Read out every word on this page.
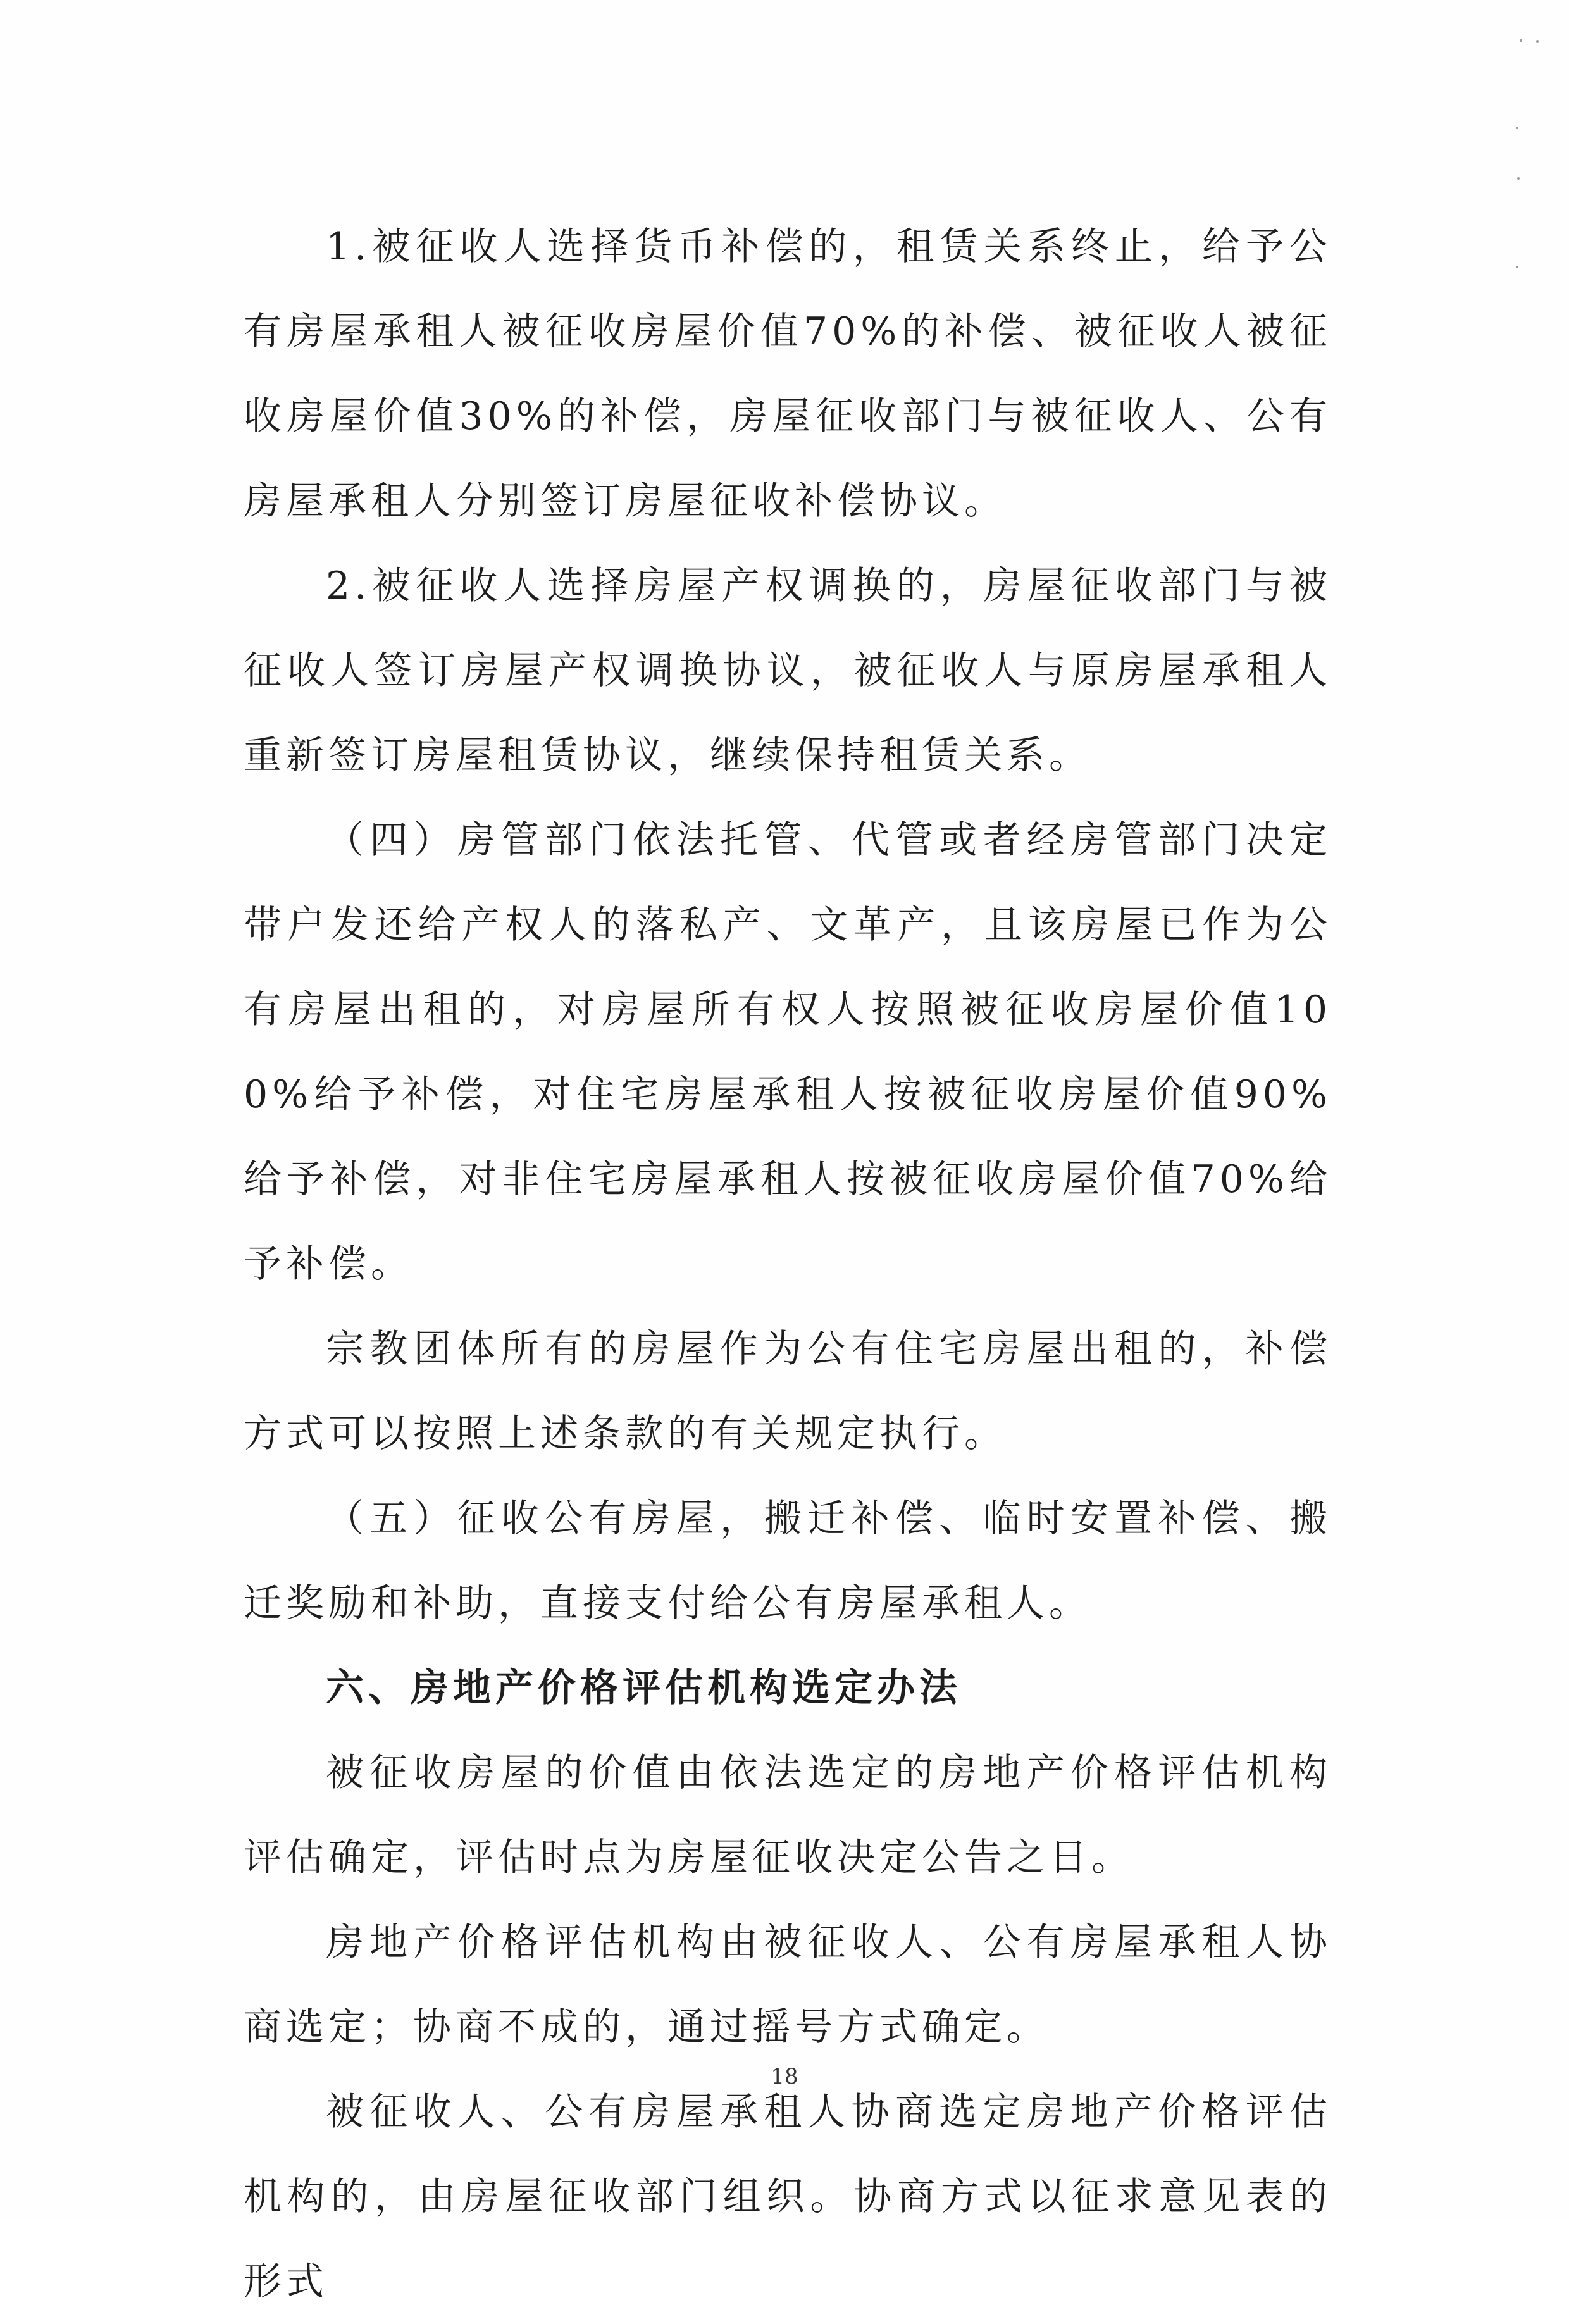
1.被征收人选择货币补偿的，租赁关系终止，给予公有房屋承租人被征收房屋价值70%的补偿、被征收人被征收房屋价值30%的补偿，房屋征收部门与被征收人、公有房屋承租人分别签订房屋征收补偿协议。

2.被征收人选择房屋产权调换的，房屋征收部门与被征收人签订房屋产权调换协议，被征收人与原房屋承租人重新签订房屋租赁协议，继续保持租赁关系。

（四）房管部门依法托管、代管或者经房管部门决定带户发还给产权人的落私产、文革产，且该房屋已作为公有房屋出租的，对房屋所有权人按照被征收房屋价值100%给予补偿，对住宅房屋承租人按被征收房屋价值90%给予补偿，对非住宅房屋承租人按被征收房屋价值70%给予补偿。

宗教团体所有的房屋作为公有住宅房屋出租的，补偿方式可以按照上述条款的有关规定执行。

（五）征收公有房屋，搬迁补偿、临时安置补偿、搬迁奖励和补助，直接支付给公有房屋承租人。

六、房地产价格评估机构选定办法

被征收房屋的价值由依法选定的房地产价格评估机构评估确定，评估时点为房屋征收决定公告之日。

房地产价格评估机构由被征收人、公有房屋承租人协商选定；协商不成的，通过摇号方式确定。

被征收人、公有房屋承租人协商选定房地产价格评估机构的，由房屋征收部门组织。协商方式以征求意见表的形式

18
